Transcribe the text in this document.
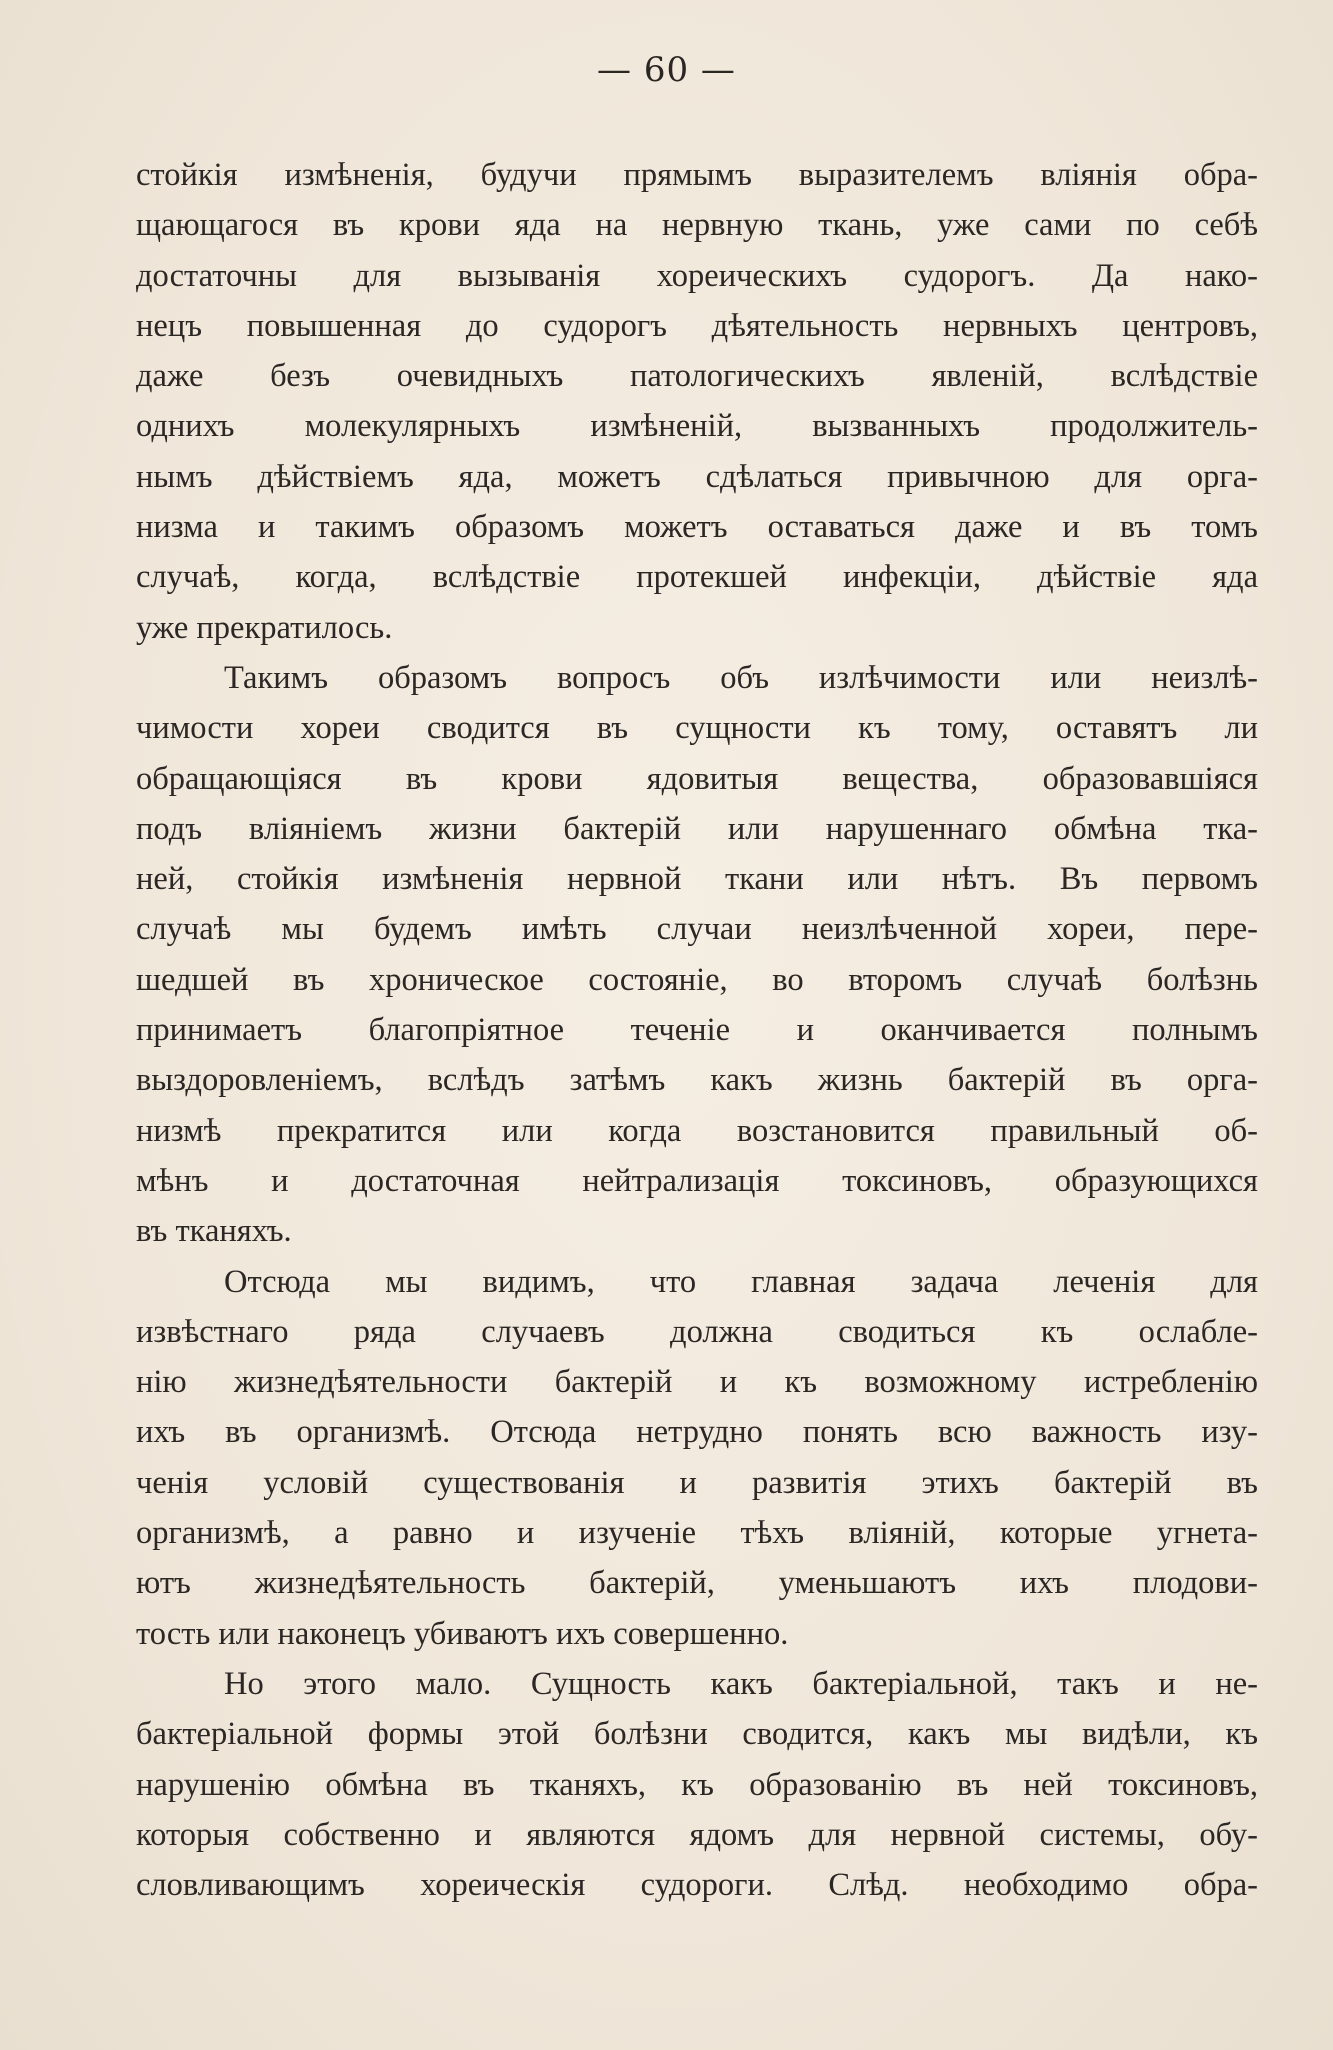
— 60 —
стойкія измѣненія, будучи прямымъ выразителемъ вліянія обра-
щающагося въ крови яда на нервную ткань, уже сами по себѣ
достаточны для вызыванія хореическихъ судорогъ. Да нако-
нецъ повышенная до судорогъ дѣятельность нервныхъ центровъ,
даже безъ очевидныхъ патологическихъ явленій, вслѣдствіе
однихъ молекулярныхъ измѣненій, вызванныхъ продолжитель-
нымъ дѣйствіемъ яда, можетъ сдѣлаться привычною для орга-
низма и такимъ образомъ можетъ оставаться даже и въ томъ
случаѣ, когда, вслѣдствіе протекшей инфекціи, дѣйствіе яда
уже прекратилось.
Такимъ образомъ вопросъ объ излѣчимости или неизлѣ-
чимости хореи сводится въ сущности къ тому, оставятъ ли
обращающіяся въ крови ядовитыя вещества, образовавшіяся
подъ вліяніемъ жизни бактерій или нарушеннаго обмѣна тка-
ней, стойкія измѣненія нервной ткани или нѣтъ. Въ первомъ
случаѣ мы будемъ имѣть случаи неизлѣченной хореи, пере-
шедшей въ хроническое состояніе, во второмъ случаѣ болѣзнь
принимаетъ благопріятное теченіе и оканчивается полнымъ
выздоровленіемъ, вслѣдъ затѣмъ какъ жизнь бактерій въ орга-
низмѣ прекратится или когда возстановится правильный об-
мѣнъ и достаточная нейтрализація токсиновъ, образующихся
въ тканяхъ.
Отсюда мы видимъ, что главная задача леченія для
извѣстнаго ряда случаевъ должна сводиться къ ослабле-
нію жизнедѣятельности бактерій и къ возможному истребленію
ихъ въ организмѣ. Отсюда нетрудно понять всю важность изу-
ченія условій существованія и развитія этихъ бактерій въ
организмѣ, а равно и изученіе тѣхъ вліяній, которые угнета-
ютъ жизнедѣятельность бактерій, уменьшаютъ ихъ плодови-
тость или наконецъ убиваютъ ихъ совершенно.
Но этого мало. Сущность какъ бактеріальной, такъ и не-
бактеріальной формы этой болѣзни сводится, какъ мы видѣли, къ
нарушенію обмѣна въ тканяхъ, къ образованію въ ней токсиновъ,
которыя собственно и являются ядомъ для нервной системы, обу-
словливающимъ хореическія судороги. Слѣд. необходимо обра-
